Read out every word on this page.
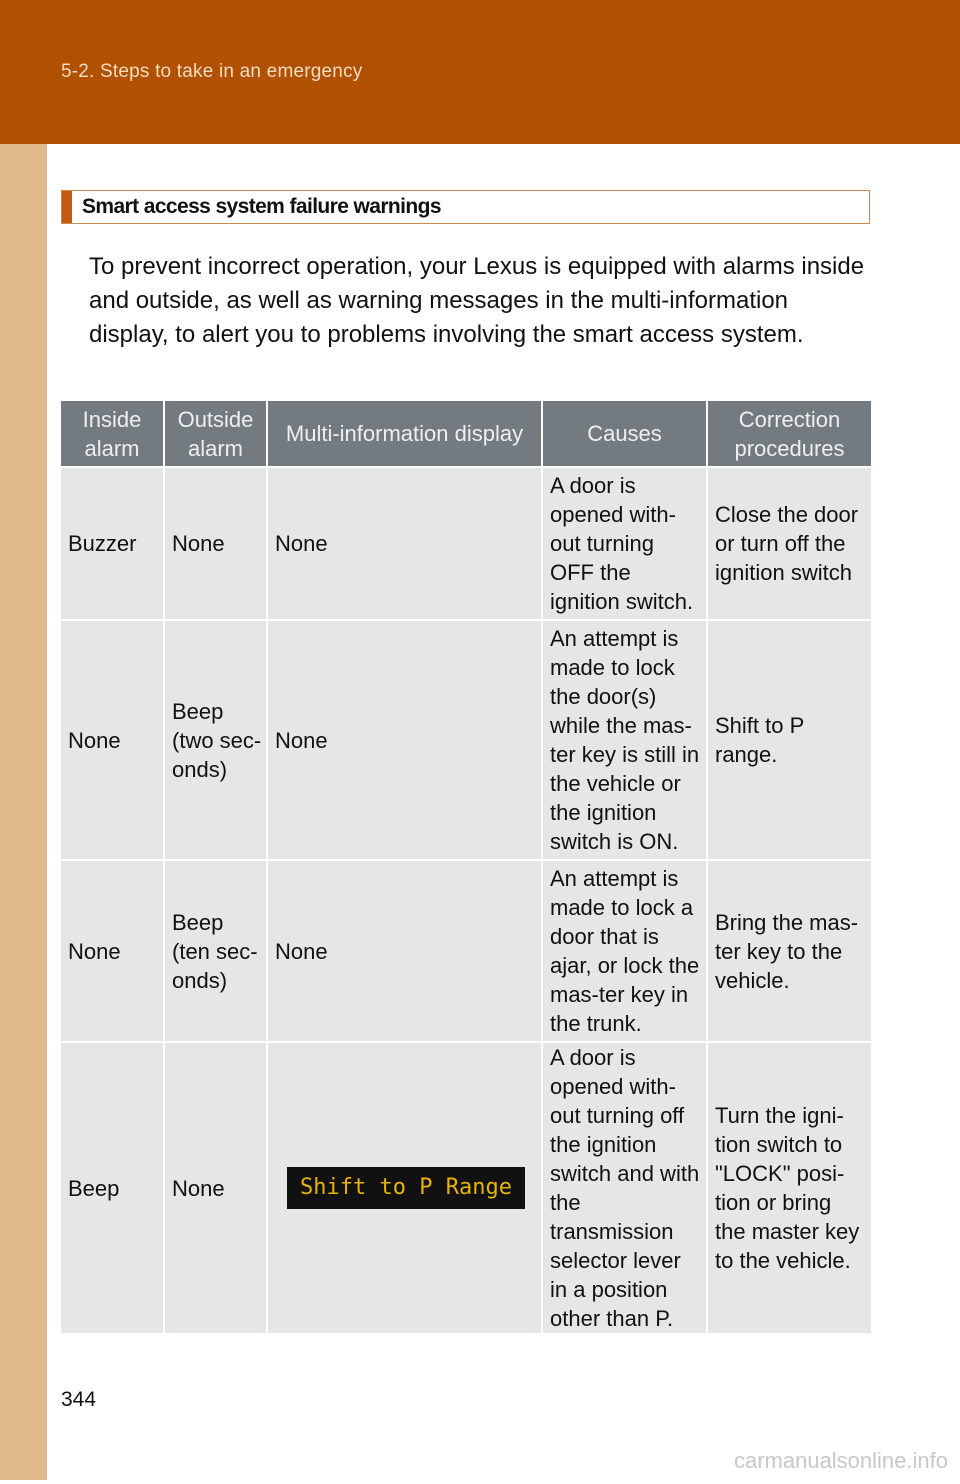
5-2. Steps to take in an emergency
Smart access system failure warnings

To prevent incorrect operation, your Lexus is equipped with alarms inside and outside, as well as warning messages in the multi-information display, to alert you to problems involving the smart access system.

Inside alarm	Outside alarm	Multi-information display	Causes	Correction procedures
Buzzer	None	None	A door is opened with-out turning OFF the ignition switch.	Close the door or turn off the ignition switch
None	Beep (two sec-onds)	None	An attempt is made to lock the door(s) while the mas-ter key is still in the vehicle or the ignition switch is ON.	Shift to P range.
None	Beep (ten sec-onds)	None	An attempt is made to lock a door that is ajar, or lock the mas-ter key in the trunk.	Bring the mas-ter key to the vehicle.
Beep	None	Shift to P Range	A door is opened with-out turning off the ignition switch and with the transmission selector lever in a position other than P.	Turn the igni-tion switch to "LOCK" posi-tion or bring the master key to the vehicle.
344
carmanualsonline.info
